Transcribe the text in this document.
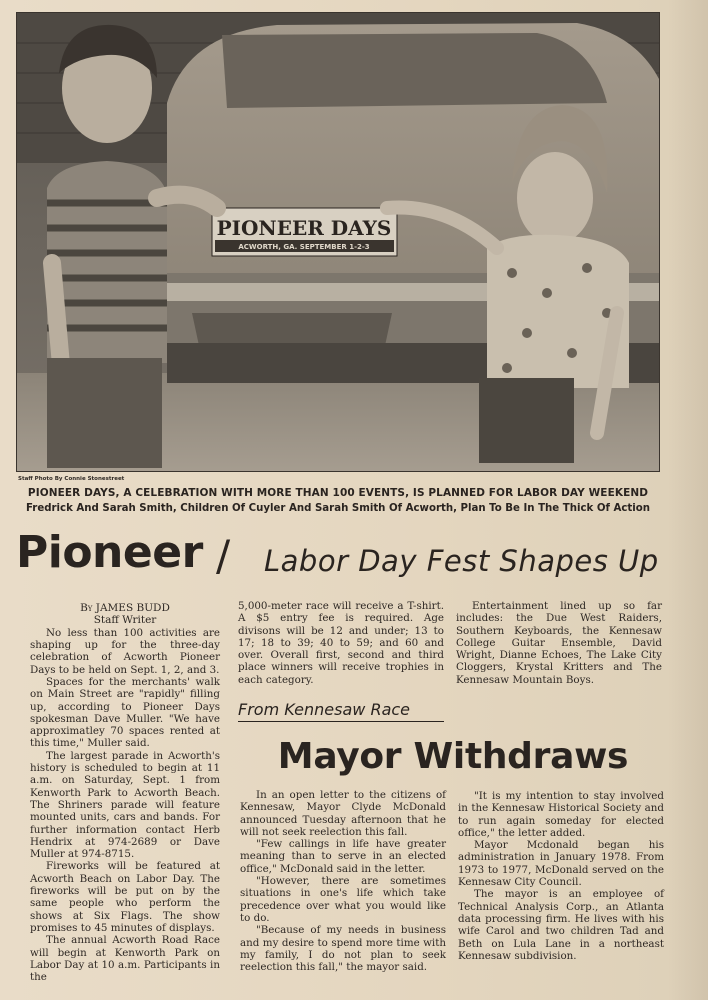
PIONEER DAYS
ACWORTH, GA. SEPTEMBER 1-2-3
Staff Photo By Connie Stonestreet
PIONEER DAYS, A CELEBRATION WITH MORE THAN 100 EVENTS, IS PLANNED FOR LABOR DAY WEEKEND
Fredrick And Sarah Smith, Children Of Cuyler And Sarah Smith Of Acworth, Plan To Be In The Thick Of Action
Pioneer / Labor Day Fest Shapes Up
By JAMES BUDD
Staff Writer

No less than 100 activities are shaping up for the three-day celebration of Acworth Pioneer Days to be held on Sept. 1, 2, and 3.

Spaces for the merchants' walk on Main Street are "rapidly" filling up, according to Pioneer Days spokesman Dave Muller. "We have approximatley 70 spaces rented at this time," Muller said.

The largest parade in Acworth's history is scheduled to begin at 11 a.m. on Saturday, Sept. 1 from Kenworth Park to Acworth Beach. The Shriners parade will feature mounted units, cars and bands. For further information contact Herb Hendrix at 974-2689 or Dave Muller at 974-8715.

Fireworks will be featured at Acworth Beach on Labor Day. The fireworks will be put on by the same people who perform the shows at Six Flags. The show promises to 45 minutes of displays.

The annual Acworth Road Race will begin at Kenworth Park on Labor Day at 10 a.m. Participants in the

5,000-meter race will receive a T-shirt. A $5 entry fee is required. Age divisons will be 12 and under; 13 to 17; 18 to 39; 40 to 59; and 60 and over. Overall first, second and third place winners will receive trophies in each category.

Entertainment lined up so far includes: the Due West Raiders, Southern Keyboards, the Kennesaw College Guitar Ensemble, David Wright, Dianne Echoes, The Lake City Cloggers, Krystal Kritters and The Kennesaw Mountain Boys.

From Kennesaw Race
Mayor Withdraws

In an open letter to the citizens of Kennesaw, Mayor Clyde McDonald announced Tuesday afternoon that he will not seek reelection this fall.

"Few callings in life have greater meaning than to serve in an elected office," McDonald said in the letter.

"However, there are sometimes situations in one's life which take precedence over what you would like to do.

"Because of my needs in business and my desire to spend more time with my family, I do not plan to seek reelection this fall," the mayor said.

"It is my intention to stay involved in the Kennesaw Historical Society and to run again someday for elected office," the letter added.

Mayor Mcdonald began his administration in January 1978. From 1973 to 1977, McDonald served on the Kennesaw City Council.

The mayor is an employee of Technical Analysis Corp., an Atlanta data processing firm. He lives with his wife Carol and two children Tad and Beth on Lula Lane in a northeast Kennesaw subdivision.
